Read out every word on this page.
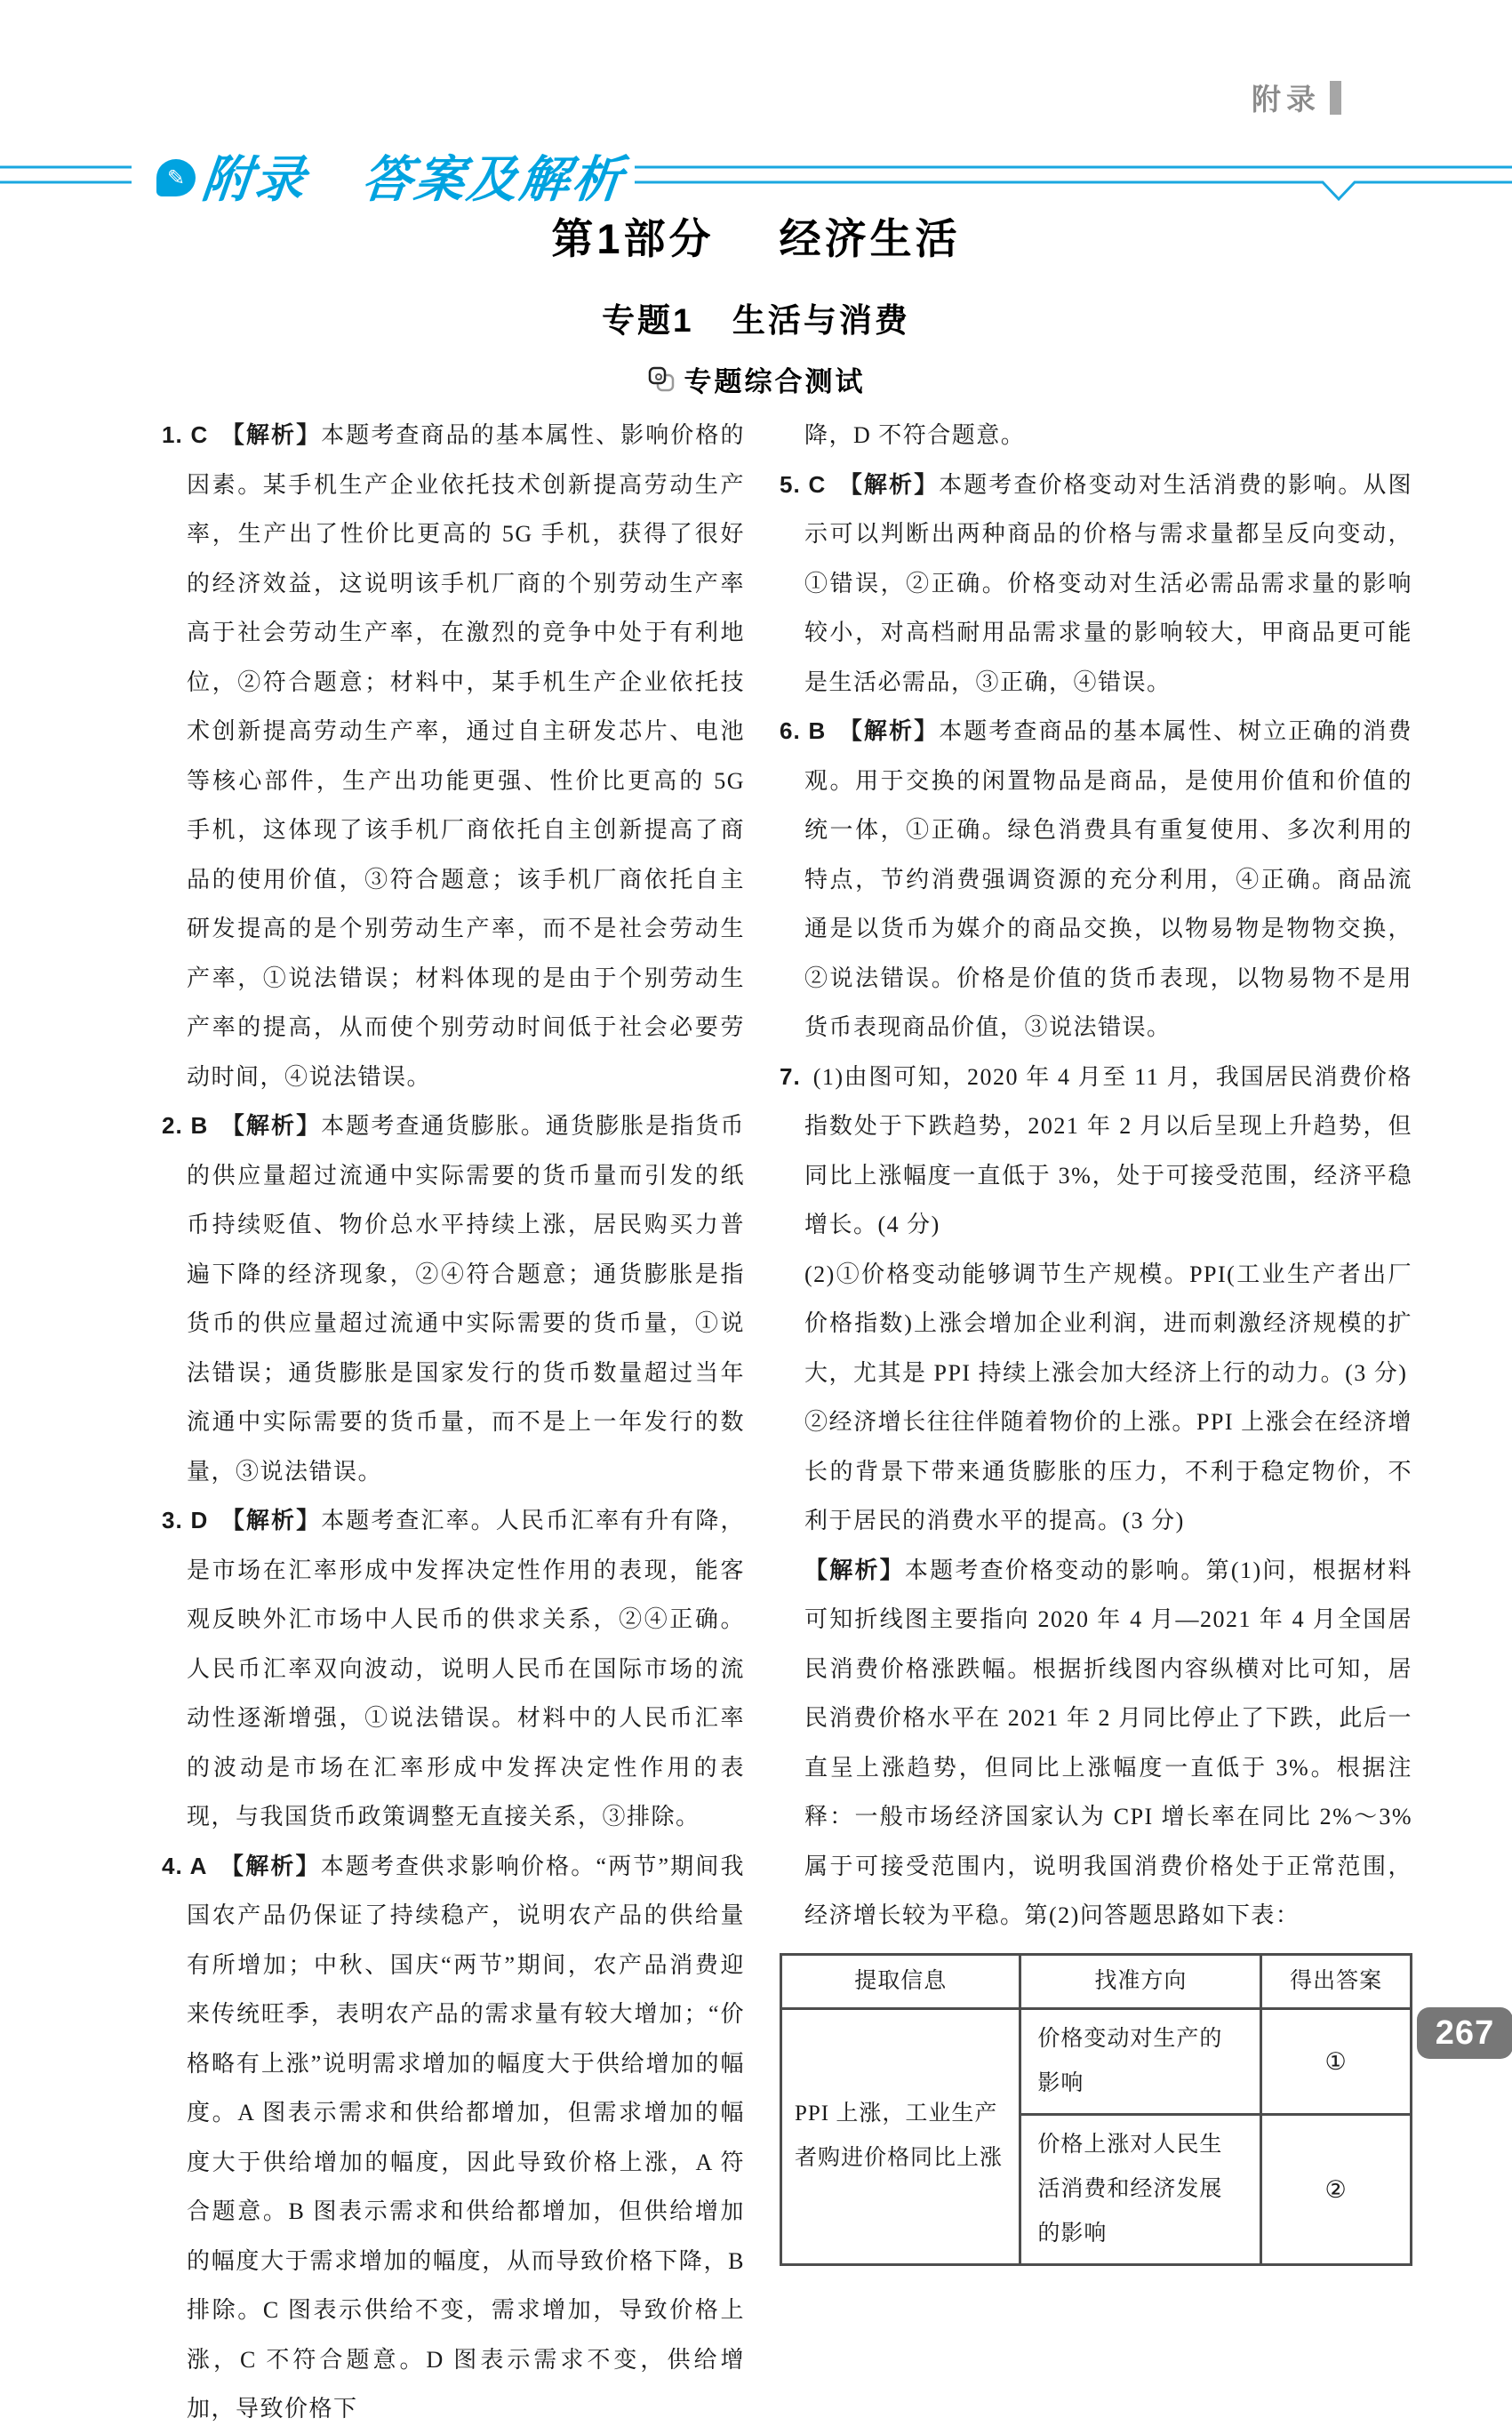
附录
✎ 附录 答案及解析
第1部分 经济生活
专题1 生活与消费
专题综合测试

1. C 【解析】本题考查商品的基本属性、影响价格的因素。某手机生产企业依托技术创新提高劳动生产率，生产出了性价比更高的 5G 手机，获得了很好的经济效益，这说明该手机厂商的个别劳动生产率高于社会劳动生产率，在激烈的竞争中处于有利地位，②符合题意；材料中，某手机生产企业依托技术创新提高劳动生产率，通过自主研发芯片、电池等核心部件，生产出功能更强、性价比更高的 5G 手机，这体现了该手机厂商依托自主创新提高了商品的使用价值，③符合题意；该手机厂商依托自主研发提高的是个别劳动生产率，而不是社会劳动生产率，①说法错误；材料体现的是由于个别劳动生产率的提高，从而使个别劳动时间低于社会必要劳动时间，④说法错误。

2. B 【解析】本题考查通货膨胀。通货膨胀是指货币的供应量超过流通中实际需要的货币量而引发的纸币持续贬值、物价总水平持续上涨，居民购买力普遍下降的经济现象，②④符合题意；通货膨胀是指货币的供应量超过流通中实际需要的货币量，①说法错误；通货膨胀是国家发行的货币数量超过当年流通中实际需要的货币量，而不是上一年发行的数量，③说法错误。

3. D 【解析】本题考查汇率。人民币汇率有升有降，是市场在汇率形成中发挥决定性作用的表现，能客观反映外汇市场中人民币的供求关系，②④正确。人民币汇率双向波动，说明人民币在国际市场的流动性逐渐增强，①说法错误。材料中的人民币汇率的波动是市场在汇率形成中发挥决定性作用的表现，与我国货币政策调整无直接关系，③排除。

4. A 【解析】本题考查供求影响价格。“两节”期间我国农产品仍保证了持续稳产，说明农产品的供给量有所增加；中秋、国庆“两节”期间，农产品消费迎来传统旺季，表明农产品的需求量有较大增加；“价格略有上涨”说明需求增加的幅度大于供给增加的幅度。A 图表示需求和供给都增加，但需求增加的幅度大于供给增加的幅度，因此导致价格上涨，A 符合题意。B 图表示需求和供给都增加，但供给增加的幅度大于需求增加的幅度，从而导致价格下降，B 排除。C 图表示供给不变，需求增加，导致价格上涨，C 不符合题意。D 图表示需求不变，供给增加，导致价格下

降，D 不符合题意。

5. C 【解析】本题考查价格变动对生活消费的影响。从图示可以判断出两种商品的价格与需求量都呈反向变动，①错误，②正确。价格变动对生活必需品需求量的影响较小，对高档耐用品需求量的影响较大，甲商品更可能是生活必需品，③正确，④错误。

6. B 【解析】本题考查商品的基本属性、树立正确的消费观。用于交换的闲置物品是商品，是使用价值和价值的统一体，①正确。绿色消费具有重复使用、多次利用的特点，节约消费强调资源的充分利用，④正确。商品流通是以货币为媒介的商品交换，以物易物是物物交换，②说法错误。价格是价值的货币表现，以物易物不是用货币表现商品价值，③说法错误。

7. (1)由图可知，2020 年 4 月至 11 月，我国居民消费价格指数处于下跌趋势，2021 年 2 月以后呈现上升趋势，但同比上涨幅度一直低于 3%，处于可接受范围，经济平稳增长。(4 分)

(2)①价格变动能够调节生产规模。PPI(工业生产者出厂价格指数)上涨会增加企业利润，进而刺激经济规模的扩大，尤其是 PPI 持续上涨会加大经济上行的动力。(3 分)

②经济增长往往伴随着物价的上涨。PPI 上涨会在经济增长的背景下带来通货膨胀的压力，不利于稳定物价，不利于居民的消费水平的提高。(3 分)

【解析】本题考查价格变动的影响。第(1)问，根据材料可知折线图主要指向 2020 年 4 月—2021 年 4 月全国居民消费价格涨跌幅。根据折线图内容纵横对比可知，居民消费价格水平在 2021 年 2 月同比停止了下跌，此后一直呈上涨趋势，但同比上涨幅度一直低于 3%。根据注释：一般市场经济国家认为 CPI 增长率在同比 2%～3%属于可接受范围内，说明我国消费价格处于正常范围，经济增长较为平稳。第(2)问答题思路如下表：

提取信息	找准方向	得出答案
PPI 上涨，工业生产者购进价格同比上涨	价格变动对生产的影响	①
	价格上涨对人民生活消费和经济发展的影响	②
267
